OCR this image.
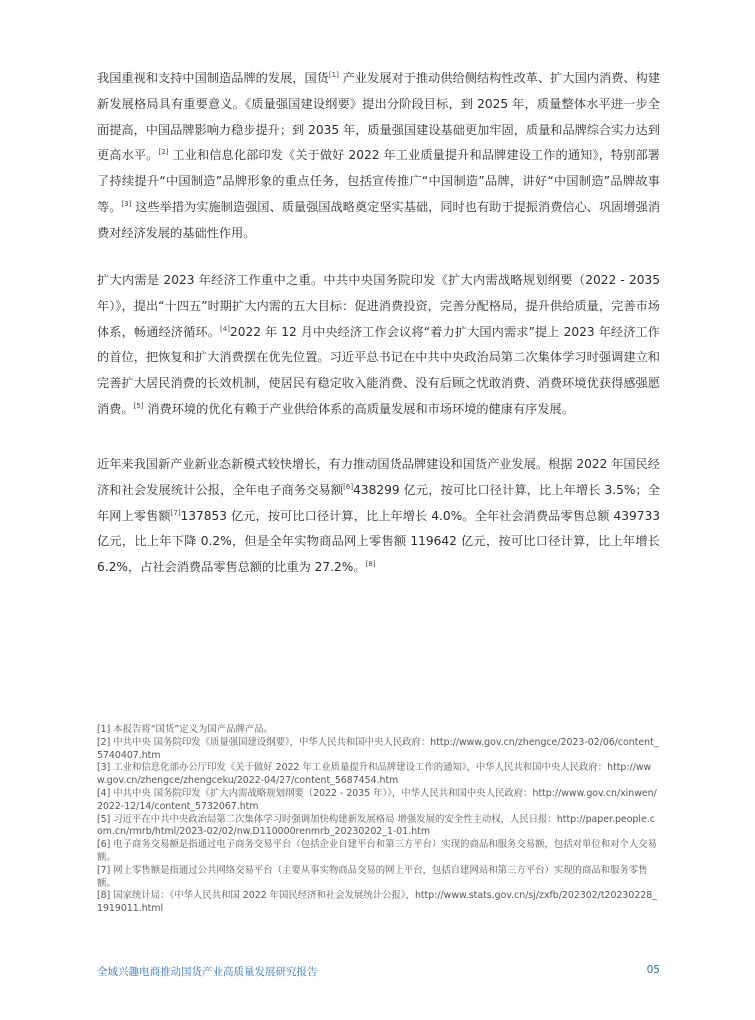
我国重视和支持中国制造品牌的发展，国货[1] 产业发展对于推动供给侧结构性改革、扩大国内消费、构建新发展格局具有重要意义。《质量强国建设纲要》提出分阶段目标，到 2025 年，质量整体水平进一步全面提高，中国品牌影响力稳步提升；到 2035 年，质量强国建设基础更加牢固，质量和品牌综合实力达到更高水平。[2] 工业和信息化部印发《关于做好 2022 年工业质量提升和品牌建设工作的通知》，特别部署了持续提升“中国制造”品牌形象的重点任务，包括宣传推广“中国制造”品牌，讲好“中国制造”品牌故事等。[3] 这些举措为实施制造强国、质量强国战略奠定坚实基础，同时也有助于提振消费信心、巩固增强消费对经济发展的基础性作用。

扩大内需是 2023 年经济工作重中之重。中共中央国务院印发《扩大内需战略规划纲要（2022 - 2035 年）》，提出“十四五”时期扩大内需的五大目标：促进消费投资，完善分配格局，提升供给质量，完善市场体系，畅通经济循环。[4]2022 年 12 月中央经济工作会议将“着力扩大国内需求”提上 2023 年经济工作的首位，把恢复和扩大消费摆在优先位置。习近平总书记在中共中央政治局第二次集体学习时强调建立和完善扩大居民消费的长效机制，使居民有稳定收入能消费、没有后顾之忧敢消费、消费环境优获得感强愿消费。[5] 消费环境的优化有赖于产业供给体系的高质量发展和市场环境的健康有序发展。

近年来我国新产业新业态新模式较快增长，有力推动国货品牌建设和国货产业发展。根据 2022 年国民经济和社会发展统计公报，全年电子商务交易额[6]438299 亿元，按可比口径计算，比上年增长 3.5%；全年网上零售额[7]137853 亿元，按可比口径计算，比上年增长 4.0%。全年社会消费品零售总额 439733 亿元，比上年下降 0.2%，但是全年实物商品网上零售额 119642 亿元，按可比口径计算，比上年增长 6.2%，占社会消费品零售总额的比重为 27.2%。[8]

[1] 本报告将“国货”定义为国产品牌产品。

[2] 中共中央 国务院印发《质量强国建设纲要》，中华人民共和国中央人民政府：http://www.gov.cn/zhengce/2023-02/06/content_5740407.htm

[3] 工业和信息化部办公厅印发《关于做好 2022 年工业质量提升和品牌建设工作的通知》，中华人民共和国中央人民政府：http://www.gov.cn/zhengce/zhengceku/2022-04/27/content_5687454.htm

[4] 中共中央 国务院印发《扩大内需战略规划纲要（2022 - 2035 年）》，中华人民共和国中央人民政府：http://www.gov.cn/xinwen/2022-12/14/content_5732067.htm

[5] 习近平在中共中央政治局第二次集体学习时强调加快构建新发展格局 增强发展的安全性主动权，人民日报：http://paper.people.com.cn/rmrb/html/2023-02/02/nw.D110000renmrb_20230202_1-01.htm

[6] 电子商务交易额是指通过电子商务交易平台（包括企业自建平台和第三方平台）实现的商品和服务交易额，包括对单位和对个人交易额。

[7] 网上零售额是指通过公共网络交易平台（主要从事实物商品交易的网上平台，包括自建网站和第三方平台）实现的商品和服务零售额。

[8] 国家统计局：《中华人民共和国 2022 年国民经济和社会发展统计公报》，http://www.stats.gov.cn/sj/zxfb/202302/t20230228_1919011.html

全域兴趣电商推动国货产业高质量发展研究报告	05
